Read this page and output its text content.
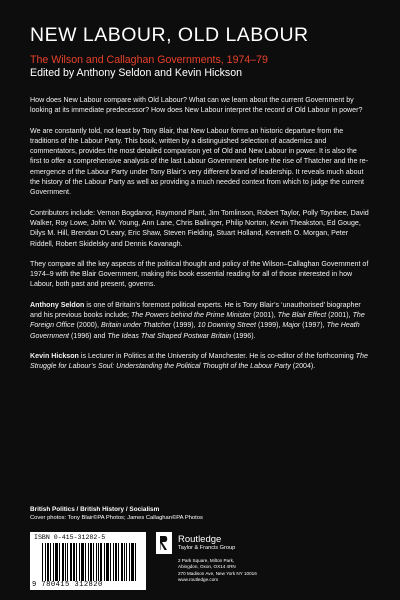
NEW LABOUR, OLD LABOUR
The Wilson and Callaghan Governments, 1974–79
Edited by Anthony Seldon and Kevin Hickson

How does New Labour compare with Old Labour? What can we learn about the current Government by looking at its immediate predecessor? How does New Labour interpret the record of Old Labour in power?

We are constantly told, not least by Tony Blair, that New Labour forms an historic departure from the traditions of the Labour Party. This book, written by a distinguished selection of academics and commentators, provides the most detailed comparison yet of Old and New Labour in power. It is also the first to offer a comprehensive analysis of the last Labour Government before the rise of Thatcher and the re-emergence of the Labour Party under Tony Blair’s very different brand of leadership. It reveals much about the history of the Labour Party as well as providing a much needed context from which to judge the current Government.

Contributors include: Vernon Bogdanor, Raymond Plant, Jim Tomlinson, Robert Taylor, Polly Toynbee, David Walker, Roy Lowe, John W. Young, Ann Lane, Chris Ballinger, Philip Norton, Kevin Theakston, Ed Gouge, Dilys M. Hill, Brendan O’Leary, Eric Shaw, Steven Fielding, Stuart Holland, Kenneth O. Morgan, Peter Riddell, Robert Skidelsky and Dennis Kavanagh.

They compare all the key aspects of the political thought and policy of the Wilson–Callaghan Government of 1974–9 with the Blair Government, making this book essential reading for all of those interested in how Labour, both past and present, governs.

Anthony Seldon is one of Britain’s foremost political experts. He is Tony Blair’s ‘unauthorised’ biographer and his previous books include; The Powers behind the Prime Minister (2001), The Blair Effect (2001), The Foreign Office (2000), Britain under Thatcher (1999), 10 Downing Street (1999), Major (1997), The Heath Government (1996) and The Ideas That Shaped Postwar Britain (1996).

Kevin Hickson is Lecturer in Politics at the University of Manchester. He is co-editor of the forthcoming The Struggle for Labour’s Soul: Understanding the Political Thought of the Labour Party (2004).

British Politics / British History / Socialism
Cover photos: Tony Blair©PA Photos; James Callaghan©PA Photos
ISBN 0-415-31282-5
9 780415 312820
Routledge
Taylor & Francis Group
2 Park Square, Milton Park,
Abingdon, Oxon, OX14 4RN
270 Madison Ave, New York NY 10016
www.routledge.com
